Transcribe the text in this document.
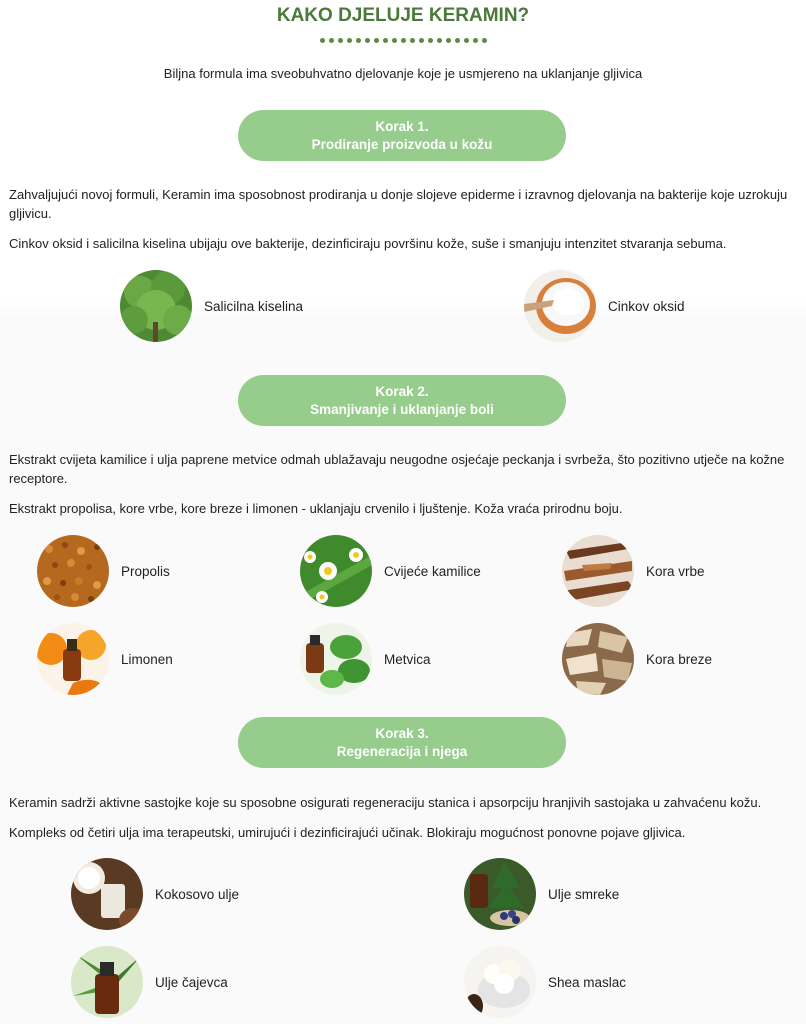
KAKO DJELUJE KERAMIN?
Biljna formula ima sveobuhvatno djelovanje koje je usmjereno na uklanjanje gljivica
Korak 1.
Prodiranje proizvoda u kožu
Zahvaljujući novoj formuli, Keramin ima sposobnost prodiranja u donje slojeve epiderme i izravnog djelovanja na bakterije koje uzrokuju gljivicu.
Cinkov oksid i salicilna kiselina ubijaju ove bakterije, dezinficiraju površinu kože, suše i smanjuju intenzitet stvaranja sebuma.
Salicilna kiselina	Cinkov oksid
Korak 2.
Smanjivanje i uklanjanje boli
Ekstrakt cvijeta kamilice i ulja paprene metvice odmah ublažavaju neugodne osjećaje peckanja i svrbeža, što pozitivno utječe na kožne receptore.
Ekstrakt propolisa, kore vrbe, kore breze i limonen - uklanjaju crvenilo i ljuštenje. Koža vraća prirodnu boju.
Propolis	Cvijeće kamilice	Kora vrbe
Limonen	Metvica	Kora breze
Korak 3.
Regeneracija i njega
Keramin sadrži aktivne sastojke koje su sposobne osigurati regeneraciju stanica i apsorpciju hranjivih sastojaka u zahvaćenu kožu.
Kompleks od četiri ulja ima terapeutski, umirujući i dezinficirajući učinak. Blokiraju mogućnost ponovne pojave gljivica.
Kokosovo ulje	Ulje smreke
Ulje čajevca	Shea maslac
